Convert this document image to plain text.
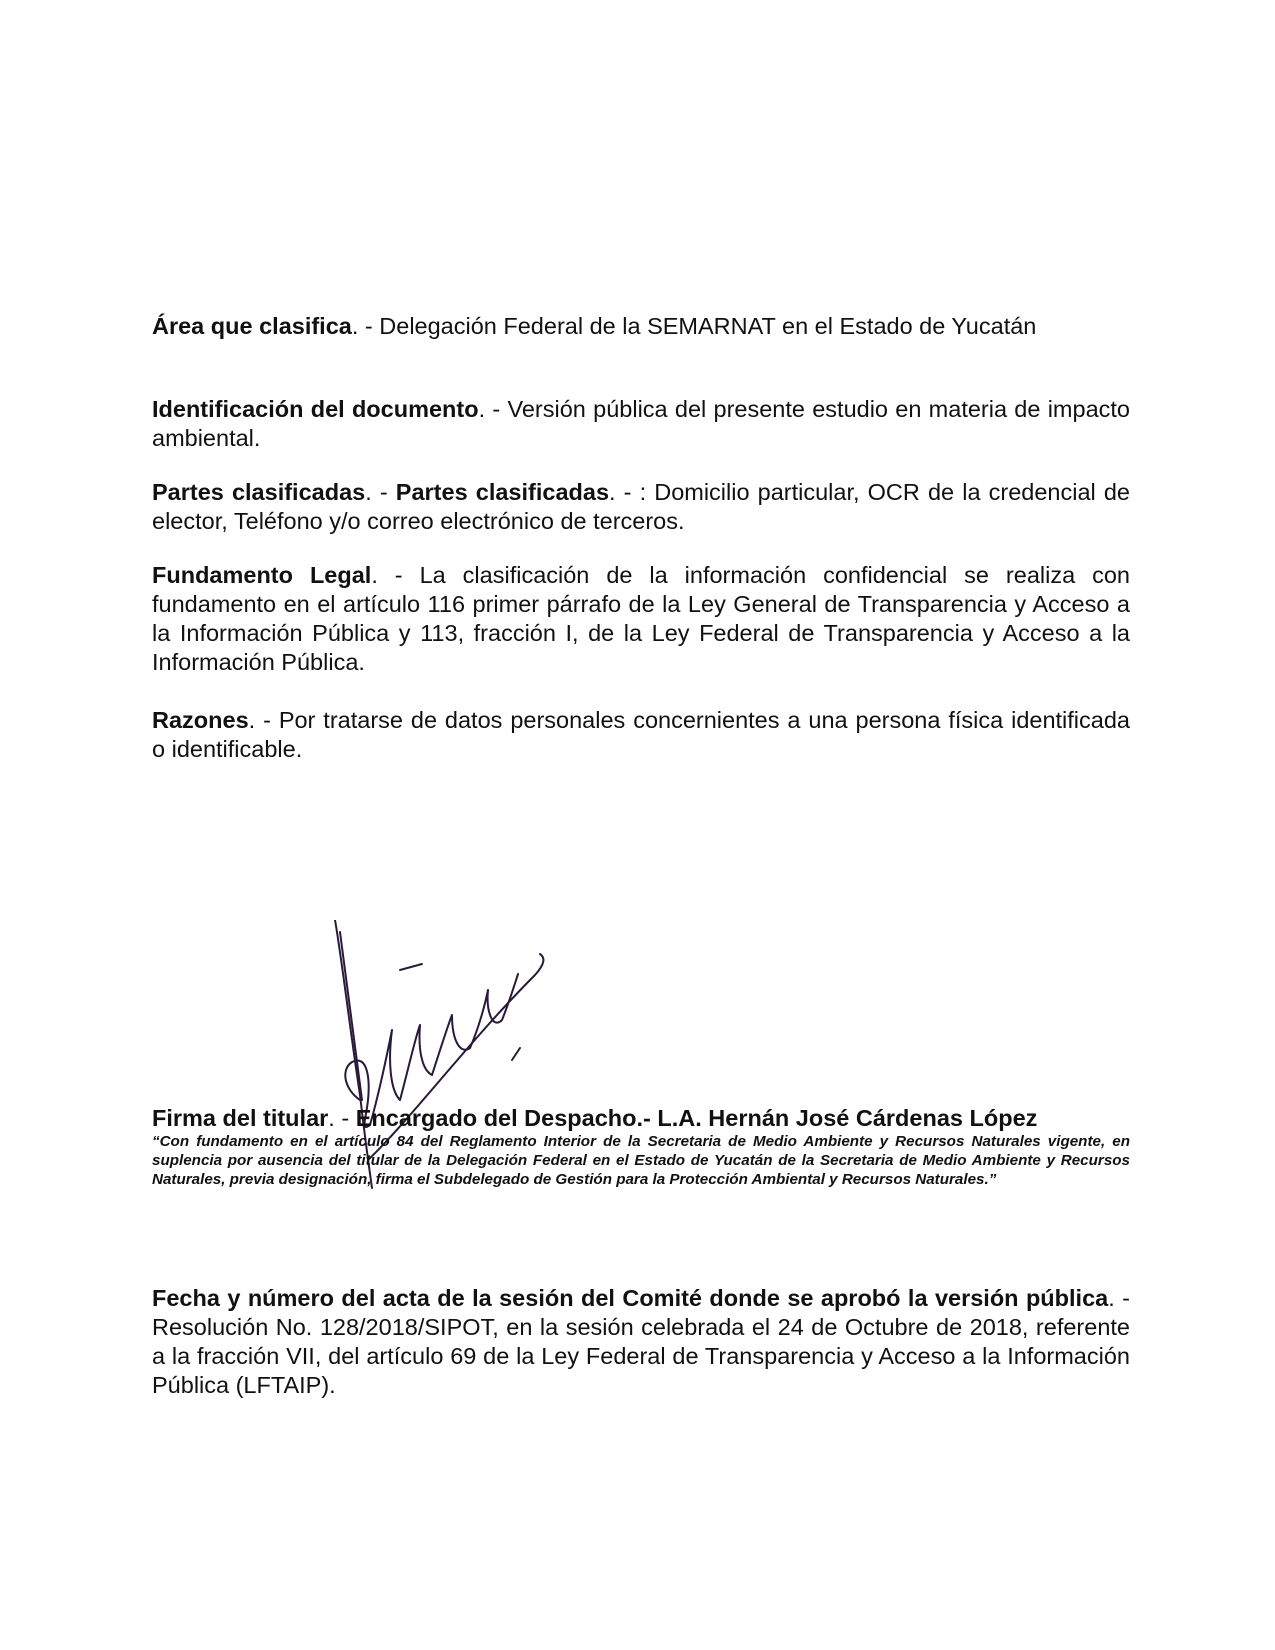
Área que clasifica. - Delegación Federal de la SEMARNAT en el Estado de Yucatán

Identificación del documento. - Versión pública del presente estudio en materia de impacto ambiental.

Partes clasificadas. - Partes clasificadas. - : Domicilio particular, OCR de la credencial de elector, Teléfono y/o correo electrónico de terceros.

Fundamento Legal. - La clasificación de la información confidencial se realiza con fundamento en el artículo 116 primer párrafo de la Ley General de Transparencia y Acceso a la Información Pública y 113, fracción I, de la Ley Federal de Transparencia y Acceso a la Información Pública.

Razones. - Por tratarse de datos personales concernientes a una persona física identificada o identificable.

Firma del titular. - Encargado del Despacho.- L.A. Hernán José Cárdenas López

“Con fundamento en el artículo 84 del Reglamento Interior de la Secretaria de Medio Ambiente y Recursos Naturales vigente, en suplencia por ausencia del titular de la Delegación Federal en el Estado de Yucatán de la Secretaria de Medio Ambiente y Recursos Naturales, previa designación, firma el Subdelegado de Gestión para la Protección Ambiental y Recursos Naturales.”

Fecha y número del acta de la sesión del Comité donde se aprobó la versión pública. - Resolución No. 128/2018/SIPOT, en la sesión celebrada el 24 de Octubre de 2018, referente a la fracción VII, del artículo 69 de la Ley Federal de Transparencia y Acceso a la Información Pública (LFTAIP).
